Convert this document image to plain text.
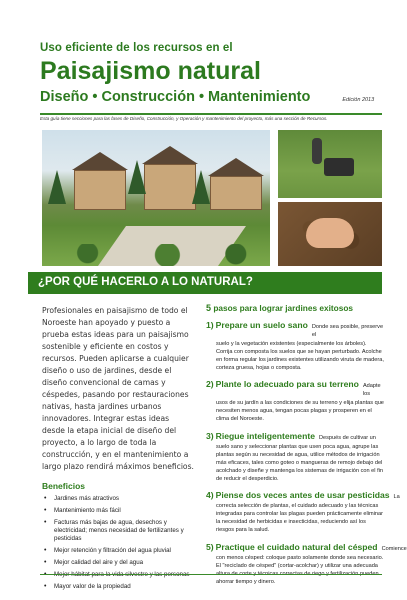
Uso eficiente de los recursos en el
Paisajismo natural
Diseño • Construcción • Mantenimiento	Edición 2013
Esta guía tiene secciones para las fases de Diseño, Construcción, y Operación y mantenimiento del proyecto, más una sección de Recursos.
¿POR QUÉ HACERLO A LO NATURAL?

Profesionales en paisajismo de todo el Noroeste han apoyado y puesto a prueba estas ideas para un paisajismo sostenible y eficiente en costos y recursos. Pueden aplicarse a cualquier diseño o uso de jardines, desde el diseño convencional de camas y céspedes, pasando por restauraciones nativas, hasta jardines urbanos innovadores. Integrar estas ideas desde la etapa inicial de diseño del proyecto, a lo largo de toda la construcción, y en el mantenimiento a largo plazo rendirá máximos beneficios.

Beneficios
• Jardines más atractivos
• Mantenimiento más fácil
• Facturas más bajas de agua, desechos y electricidad; menos necesidad de fertilizantes y pesticidas
• Mejor retención y filtración del agua pluvial
• Mejor calidad del aire y del agua
•
• Mayor valor de la propiedad
5 pasos para lograr jardines exitosos
1) Prepare un suelo sano Donde sea posible, preserve el

suelo y la vegetación existentes (especialmente los árboles). Corrija con composta los suelos que se hayan perturbado. Acolche en forma regular los jardines existentes utilizando viruta de madera, corteza gruesa, hojas o composta.

2) Plante lo adecuado para su terreno Adapte los

usos de su jardín a las condiciones de su terreno y elija plantas que necesiten menos agua, tengan pocas plagas y prosperen en el clima del Noroeste.

3) Riegue inteligentemente Después de cultivar un

suelo sano y seleccionar plantas que usen poca agua, agrupe las plantas según su necesidad de agua, utilice métodos de irrigación más eficaces, tales como goteo o mangueras de remojo debajo del acolchado y diseñe y mantenga los sistemas de irrigación con el fin de reducir el desperdicio.

4) Piense dos veces antes de usar pesticidas La

correcta selección de plantas, el cuidado adecuado y las técnicas integradas para controlar las plagas pueden prácticamente eliminar la necesidad de herbicidas e insecticidas, reduciendo así los riesgos para la salud.

5) Practique el cuidado natural del césped Comience

con menos césped: coloque pasto solamente donde sea necesario. El "reciclado de césped" (cortar-acolchar) y utilizar una adecuada ahorrar tiempo y dinero.
